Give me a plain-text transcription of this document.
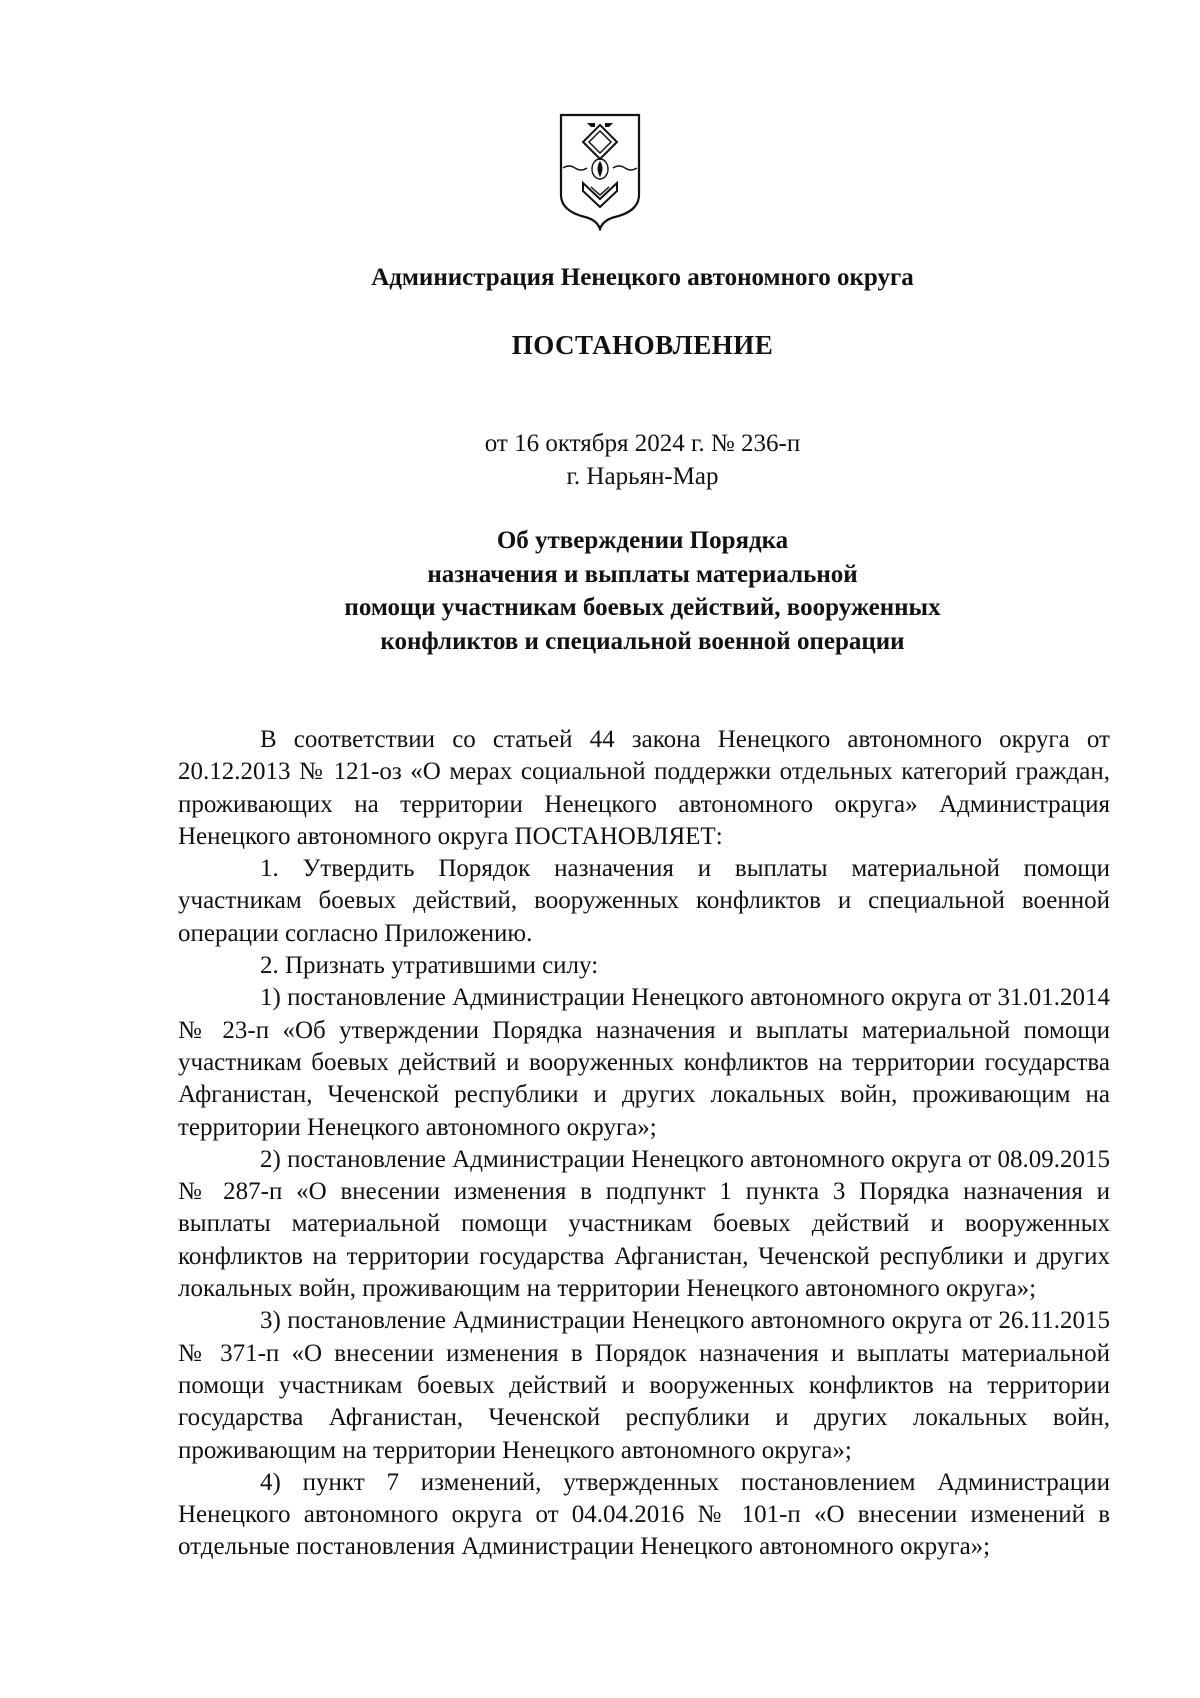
Администрация Ненецкого автономного округа
ПОСТАНОВЛЕНИЕ
от 16 октября 2024 г. № 236-п
г. Нарьян-Мар
Об утверждении Порядка
назначения и выплаты материальной
помощи участникам боевых действий, вооруженных
конфликтов и специальной военной операции

В соответствии со статьей 44 закона Ненецкого автономного округа от 20.12.2013 № 121-оз «О мерах социальной поддержки отдельных категорий граждан, проживающих на территории Ненецкого автономного округа» Администрация Ненецкого автономного округа ПОСТАНОВЛЯЕТ:

1. Утвердить Порядок назначения и выплаты материальной помощи участникам боевых действий, вооруженных конфликтов и специальной военной операции согласно Приложению.

2. Признать утратившими силу:

1) постановление Администрации Ненецкого автономного округа от 31.01.2014 № 23-п «Об утверждении Порядка назначения и выплаты материальной помощи участникам боевых действий и вооруженных конфликтов на территории государства Афганистан, Чеченской республики и других локальных войн, проживающим на территории Ненецкого автономного округа»;

2) постановление Администрации Ненецкого автономного округа от 08.09.2015 № 287-п «О внесении изменения в подпункт 1 пункта 3 Порядка назначения и выплаты материальной помощи участникам боевых действий и вооруженных конфликтов на территории государства Афганистан, Чеченской республики и других локальных войн, проживающим на территории Ненецкого автономного округа»;

3) постановление Администрации Ненецкого автономного округа от 26.11.2015 № 371-п «О внесении изменения в Порядок назначения и выплаты материальной помощи участникам боевых действий и вооруженных конфликтов на территории государства Афганистан, Чеченской республики и других локальных войн, проживающим на территории Ненецкого автономного округа»;

4) пункт 7 изменений, утвержденных постановлением Администрации Ненецкого автономного округа от 04.04.2016 № 101-п «О внесении изменений в отдельные постановления Администрации Ненецкого автономного округа»;
